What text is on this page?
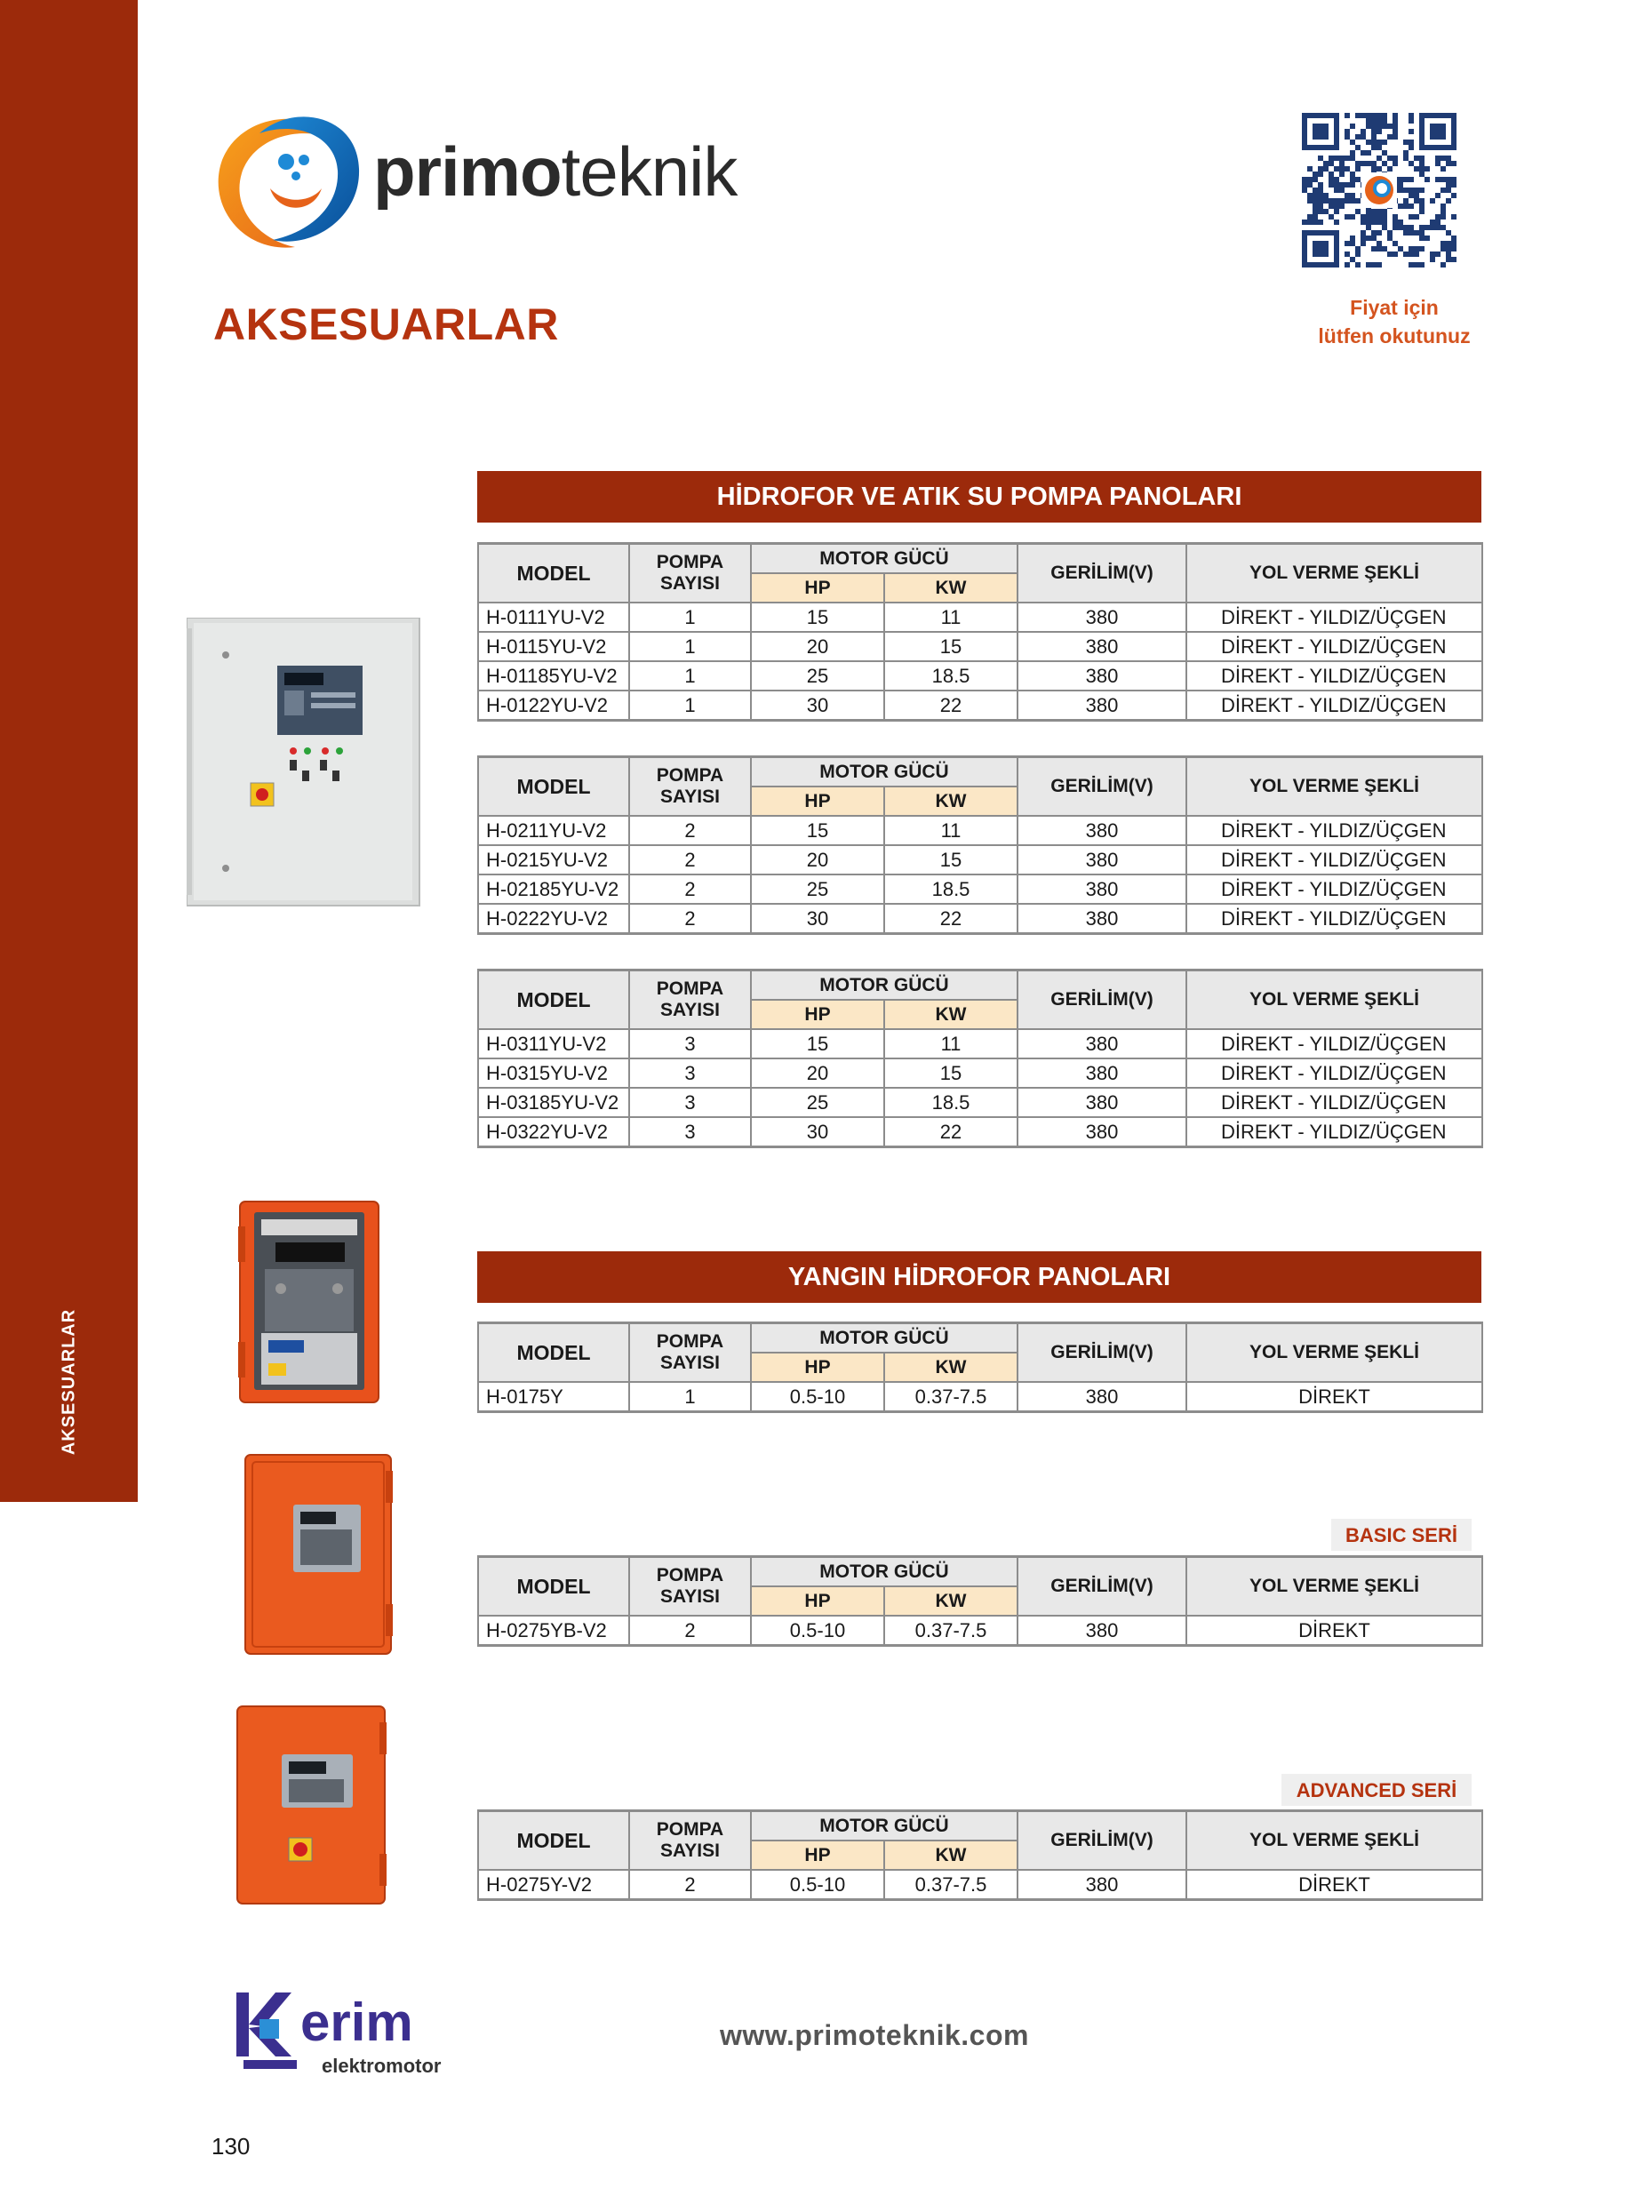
AKSESUARLAR
primoteknik
AKSESUARLAR	Fiyat için
lütfen okutunuz
HİDROFOR VE ATIK SU POMPA PANOLARI
MODEL	POMPA
SAYISI	MOTOR GÜCÜ		GERİLİM(V)	YOL VERME ŞEKLİ
		HP	KW		
H-0111YU-V2	1	15	11	380	DİREKT - YILDIZ/ÜÇGEN
H-0115YU-V2	1	20	15	380	DİREKT - YILDIZ/ÜÇGEN
H-01185YU-V2	1	25	18.5	380	DİREKT - YILDIZ/ÜÇGEN
H-0122YU-V2	1	30	22	380	DİREKT - YILDIZ/ÜÇGEN
MODEL	POMPA
SAYISI	MOTOR GÜCÜ		GERİLİM(V)	YOL VERME ŞEKLİ
		HP	KW		
H-0211YU-V2	2	15	11	380	DİREKT - YILDIZ/ÜÇGEN
H-0215YU-V2	2	20	15	380	DİREKT - YILDIZ/ÜÇGEN
H-02185YU-V2	2	25	18.5	380	DİREKT - YILDIZ/ÜÇGEN
H-0222YU-V2	2	30	22	380	DİREKT - YILDIZ/ÜÇGEN
MODEL	POMPA
SAYISI	MOTOR GÜCÜ		GERİLİM(V)	YOL VERME ŞEKLİ
		HP	KW		
H-0311YU-V2	3	15	11	380	DİREKT - YILDIZ/ÜÇGEN
H-0315YU-V2	3	20	15	380	DİREKT - YILDIZ/ÜÇGEN
H-03185YU-V2	3	25	18.5	380	DİREKT - YILDIZ/ÜÇGEN
H-0322YU-V2	3	30	22	380	DİREKT - YILDIZ/ÜÇGEN
YANGIN HİDROFOR PANOLARI
MODEL	POMPA
SAYISI	MOTOR GÜCÜ		GERİLİM(V)	YOL VERME ŞEKLİ
		HP	KW		
H-0175Y	1	0.5-10	0.37-7.5	380	DİREKT
BASIC SERİ
MODEL	POMPA
SAYISI	MOTOR GÜCÜ		GERİLİM(V)	YOL VERME ŞEKLİ
		HP	KW		
H-0275YB-V2	2	0.5-10	0.37-7.5	380	DİREKT
ADVANCED SERİ
MODEL	POMPA
SAYISI	MOTOR GÜCÜ		GERİLİM(V)	YOL VERME ŞEKLİ
		HP	KW		
H-0275Y-V2	2	0.5-10	0.37-7.5	380	DİREKT
erim
elektromotor
www.primoteknik.com
130
